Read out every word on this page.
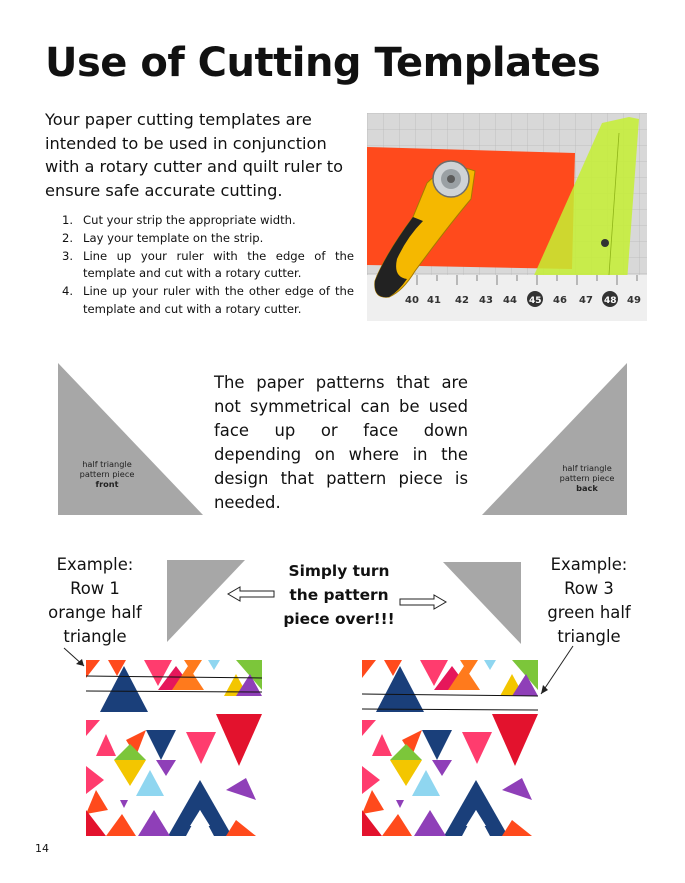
Use of Cutting Templates
Your paper cutting templates are intended to be used in conjunction with a rotary cutter and quilt ruler to ensure safe accurate cutting.
1. Cut your strip the appropriate width.
2. Lay your template on the strip.
3. Line up your ruler with the edge of the template and cut with a rotary cutter.
4. Line up your ruler with the other edge of the template and cut with a rotary cutter.
40 41 42 43 44 45 46 47 48 49
half triangle
pattern piece
front
The paper patterns that are not symmetrical can be used face up or face down depending on where in the design that pattern piece is needed.
half triangle
pattern piece
back
Example:
Row 1
orange half
triangle
Simply turn
the pattern
piece over!!!
Example:
Row 3
green half
triangle
14
